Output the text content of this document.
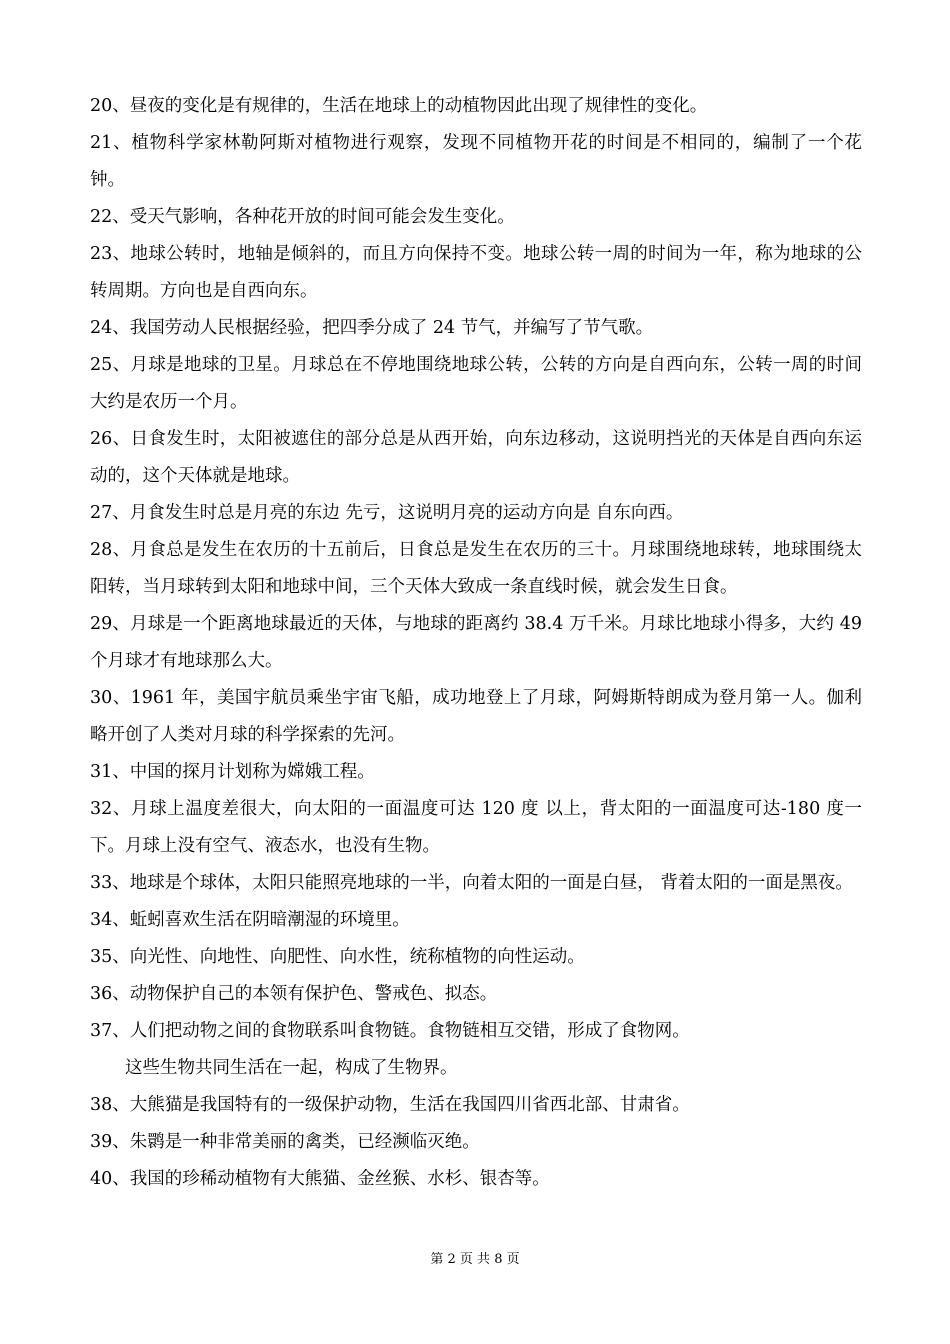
20、昼夜的变化是有规律的，生活在地球上的动植物因此出现了规律性的变化。

21、植物科学家林勒阿斯对植物进行观察，发现不同植物开花的时间是不相同的，编制了一个花钟。

22、受天气影响，各种花开放的时间可能会发生变化。

23、地球公转时，地轴是倾斜的，而且方向保持不变。地球公转一周的时间为一年，称为地球的公转周期。方向也是自西向东。

24、我国劳动人民根据经验，把四季分成了 24 节气，并编写了节气歌。

25、月球是地球的卫星。月球总在不停地围绕地球公转，公转的方向是自西向东，公转一周的时间大约是农历一个月。

26、日食发生时，太阳被遮住的部分总是从西开始，向东边移动，这说明挡光的天体是自西向东运动的，这个天体就是地球。

27、月食发生时总是月亮的东边 先亏，这说明月亮的运动方向是 自东向西。

28、月食总是发生在农历的十五前后，日食总是发生在农历的三十。月球围绕地球转，地球围绕太阳转，当月球转到太阳和地球中间，三个天体大致成一条直线时候，就会发生日食。

29、月球是一个距离地球最近的天体，与地球的距离约 38.4 万千米。月球比地球小得多，大约 49 个月球才有地球那么大。

30、1961 年，美国宇航员乘坐宇宙飞船，成功地登上了月球，阿姆斯特朗成为登月第一人。伽利略开创了人类对月球的科学探索的先河。

31、中国的探月计划称为嫦娥工程。

32、月球上温度差很大，向太阳的一面温度可达 120 度 以上，背太阳的一面温度可达-180 度一下。月球上没有空气、液态水，也没有生物。

33、地球是个球体，太阳只能照亮地球的一半，向着太阳的一面是白昼， 背着太阳的一面是黑夜。

34、蚯蚓喜欢生活在阴暗潮湿的环境里。

35、向光性、向地性、向肥性、向水性，统称植物的向性运动。

36、动物保护自己的本领有保护色、警戒色、拟态。

37、人们把动物之间的食物联系叫食物链。食物链相互交错，形成了食物网。

这些生物共同生活在一起，构成了生物界。

38、大熊猫是我国特有的一级保护动物，生活在我国四川省西北部、甘肃省。

39、朱鹮是一种非常美丽的禽类，已经濒临灭绝。

40、我国的珍稀动植物有大熊猫、金丝猴、水杉、银杏等。

第 2 页 共 8 页
